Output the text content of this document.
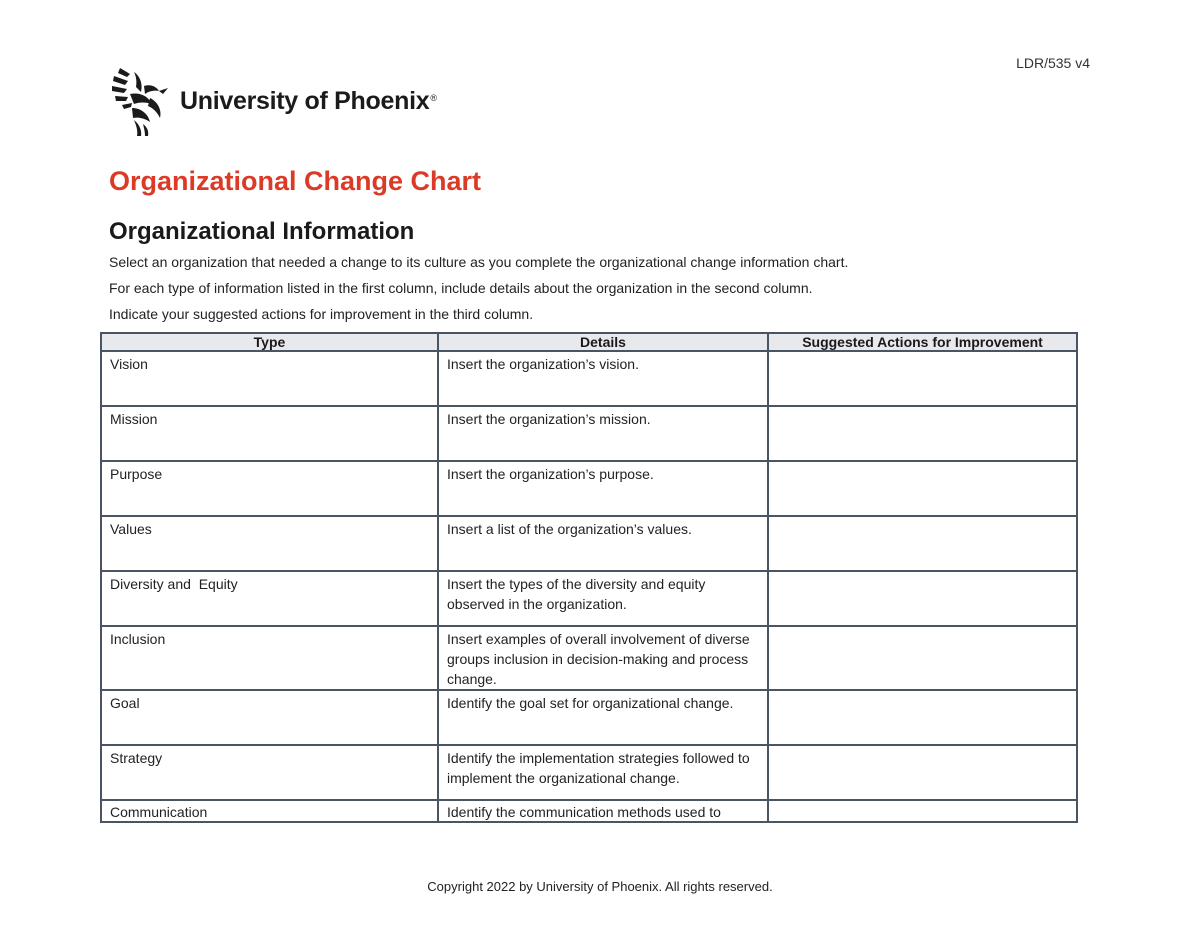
LDR/535 v4
University of Phoenix ®
Organizational Change Chart
Organizational Information
Select an organization that needed a change to its culture as you complete the organizational change information chart.
For each type of information listed in the first column, include details about the organization in the second column.
Indicate your suggested actions for improvement in the third column.
Type	Details	Suggested Actions for Improvement
Vision	Insert the organization’s vision.	
Mission	Insert the organization’s mission.	
Purpose	Insert the organization’s purpose.	
Values	Insert a list of the organization’s values.	
Diversity and  Equity	Insert the types of the diversity and equity observed in the organization.	
Inclusion	Insert examples of overall involvement of diverse groups inclusion in decision-making and process change.	
Goal	Identify the goal set for organizational change.	
Strategy	Identify the implementation strategies followed to implement the organizational change.	
Communication	Identify the communication methods used to	
Copyright 2022 by University of Phoenix. All rights reserved.
